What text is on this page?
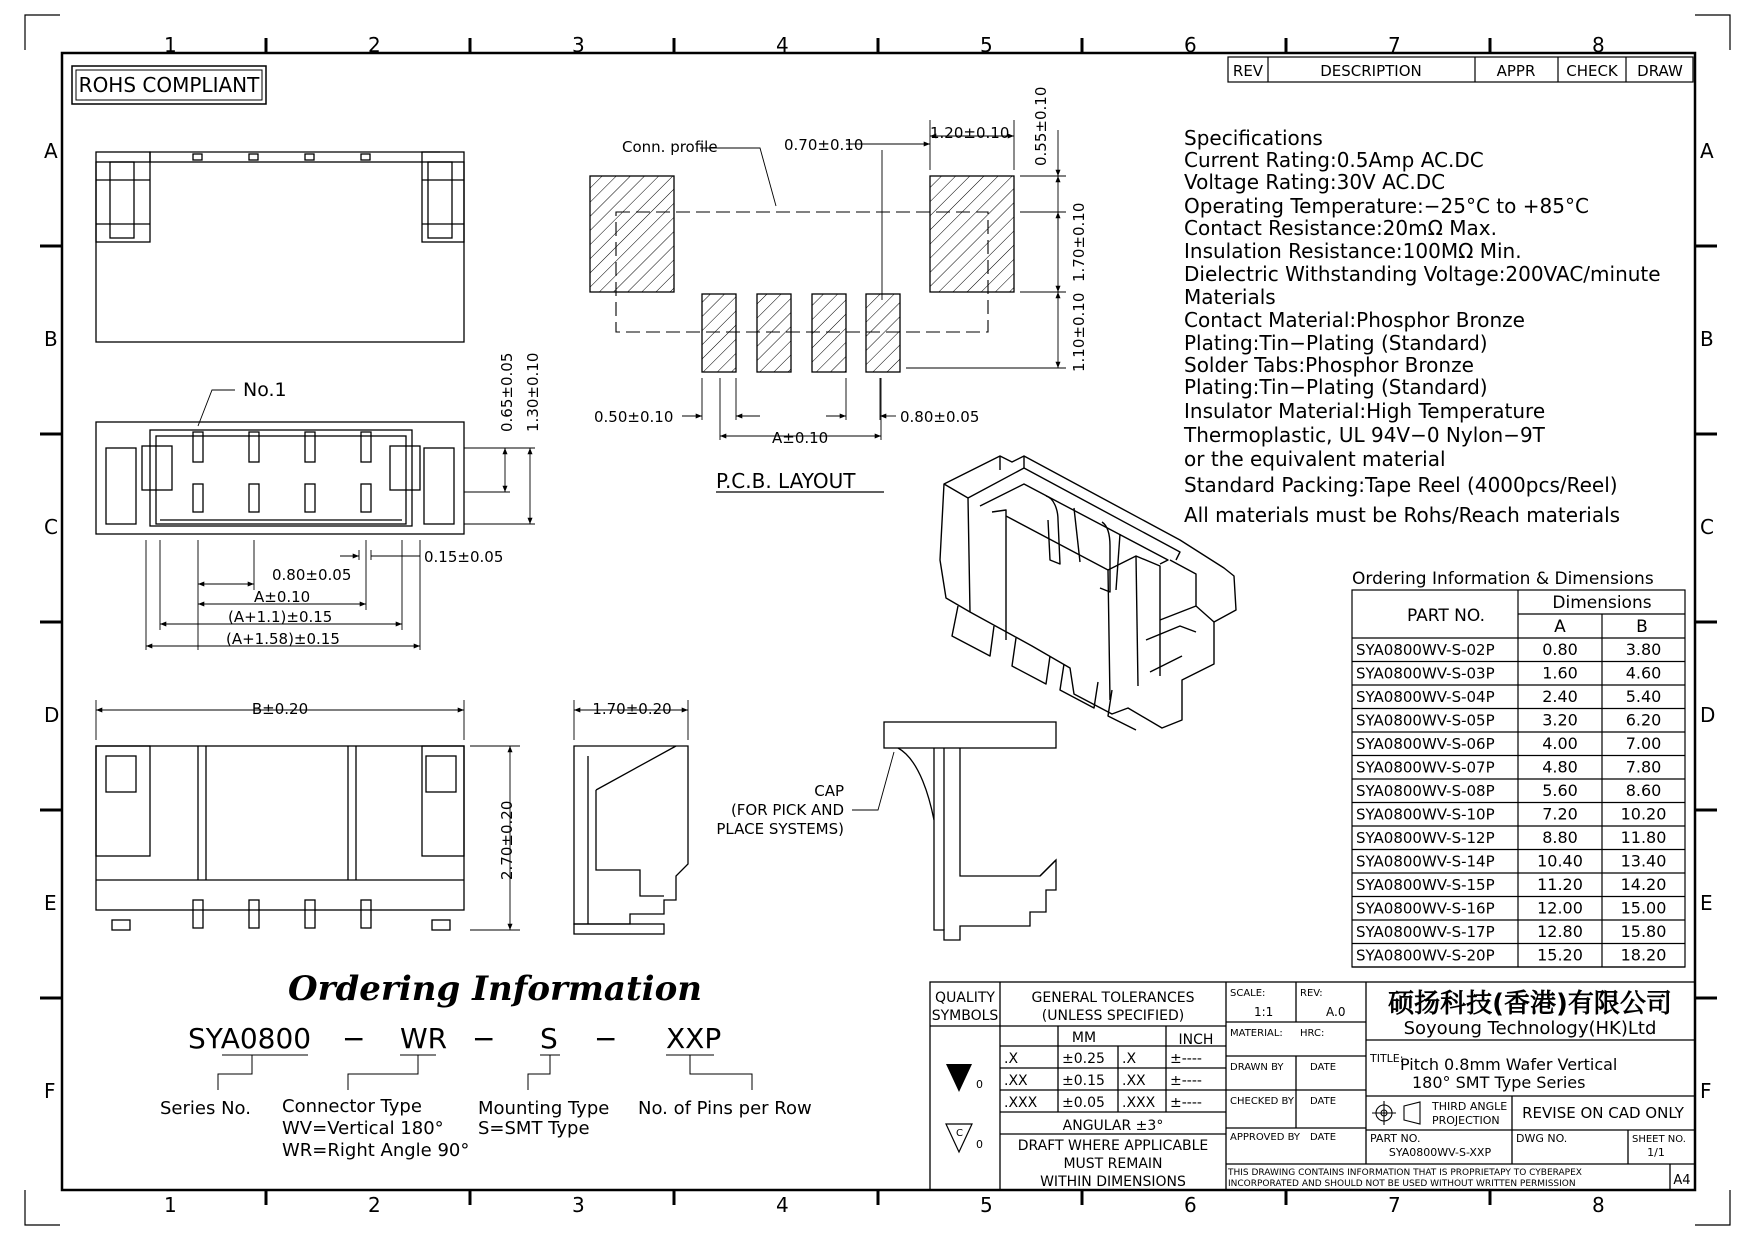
1	2	3	4	5	6	7	8
1	2	3	4	5	6	7	8
A
B
C
D
E
F
A
B
C
D
E
F
ROHS COMPLIANT
REV	DESCRIPTION	APPR CHECK DRAW
Specifications
Current Rating:0.5Amp AC.DC
Voltage Rating:30V AC.DC
Operating Temperature:−25°C to +85°C
Contact Resistance:20mΩ Max.
Insulation Resistance:100MΩ Min.
Dielectric Withstanding Voltage:200VAC/minute
Materials
Contact Material:Phosphor Bronze
Plating:Tin−Plating (Standard)
Solder Tabs:Phosphor Bronze
Plating:Tin−Plating (Standard)
Insulator Material:High Temperature
Thermoplastic, UL 94V−0 Nylon−9T
or the equivalent material
Standard Packing:Tape Reel (4000pcs/Reel)
All materials must be Rohs/Reach materials
No.1	0.65±0.05 1.30±0.10
0.15±0.05
0.80±0.05
A±0.10
(A+1.1)±0.15
(A+1.58)±0.15
B±0.20
2.70±0.20
1.70±0.20
CAP
(FOR PICK AND
PLACE SYSTEMS)
Conn. profile	0.70±0.10
1.20±0.10 0.55±0.10
1.70±0.10
1.10±0.10
0.50±0.10	0.80±0.05
A±0.10
P.C.B. LAYOUT
Ordering Information & Dimensions
PART NO.
Dimensions
A	B
SYA0800WV-S-02P	0.80	3.80
SYA0800WV-S-03P	1.60	4.60
SYA0800WV-S-04P	2.40	5.40
SYA0800WV-S-05P	3.20	6.20
SYA0800WV-S-06P	4.00	7.00
SYA0800WV-S-07P	4.80	7.80
SYA0800WV-S-08P	5.60	8.60
SYA0800WV-S-10P	7.20	10.20
SYA0800WV-S-12P	8.80	11.80
SYA0800WV-S-14P	10.40 13.40
SYA0800WV-S-15P	11.20 14.20
SYA0800WV-S-16P	12.00 15.00
SYA0800WV-S-17P	12.80 15.80
SYA0800WV-S-20P	15.20 18.20
Ordering Information
SYA0800 − WR − S − XXP
Series No. Connector Type
WV=Vertical 180°
WR=Right Angle 90°
Mounting Type
S=SMT Type
No. of Pins per Row
C
0
0
QUALITY
SYMBOLS
GENERAL TOLERANCES
(UNLESS SPECIFIED)
MM	INCH
.X	±0.25 .X ±----
.XX ±0.15 .XX ±----
.XXX ±0.05 .XXX ±----
ANGULAR ±3°
DRAFT WHERE APPLICABLE
MUST REMAIN
WITHIN DIMENSIONS
SCALE:
1:1
REV:
A.0
MATERIAL: HRC:
DRAWN BY	DATE
CHECKED BY DATE
APPROVED BY DATE
硕扬科技(香港)有限公司
Soyoung Technology(HK)Ltd
TITLE:
Pitch 0.8mm Wafer Vertical
180° SMT Type Series
THIRD ANGLE
PROJECTION REVISE ON CAD ONLY
PART NO.
SYA0800WV-S-XXP
DWG NO.	SHEET NO.
1/1
THIS DRAWING CONTAINS INFORMATION THAT IS PROPRIETAPY TO CYBERAPEX
INCORPORATED AND SHOULD NOT BE USED WITHOUT WRITTEN PERMISSION	A4
